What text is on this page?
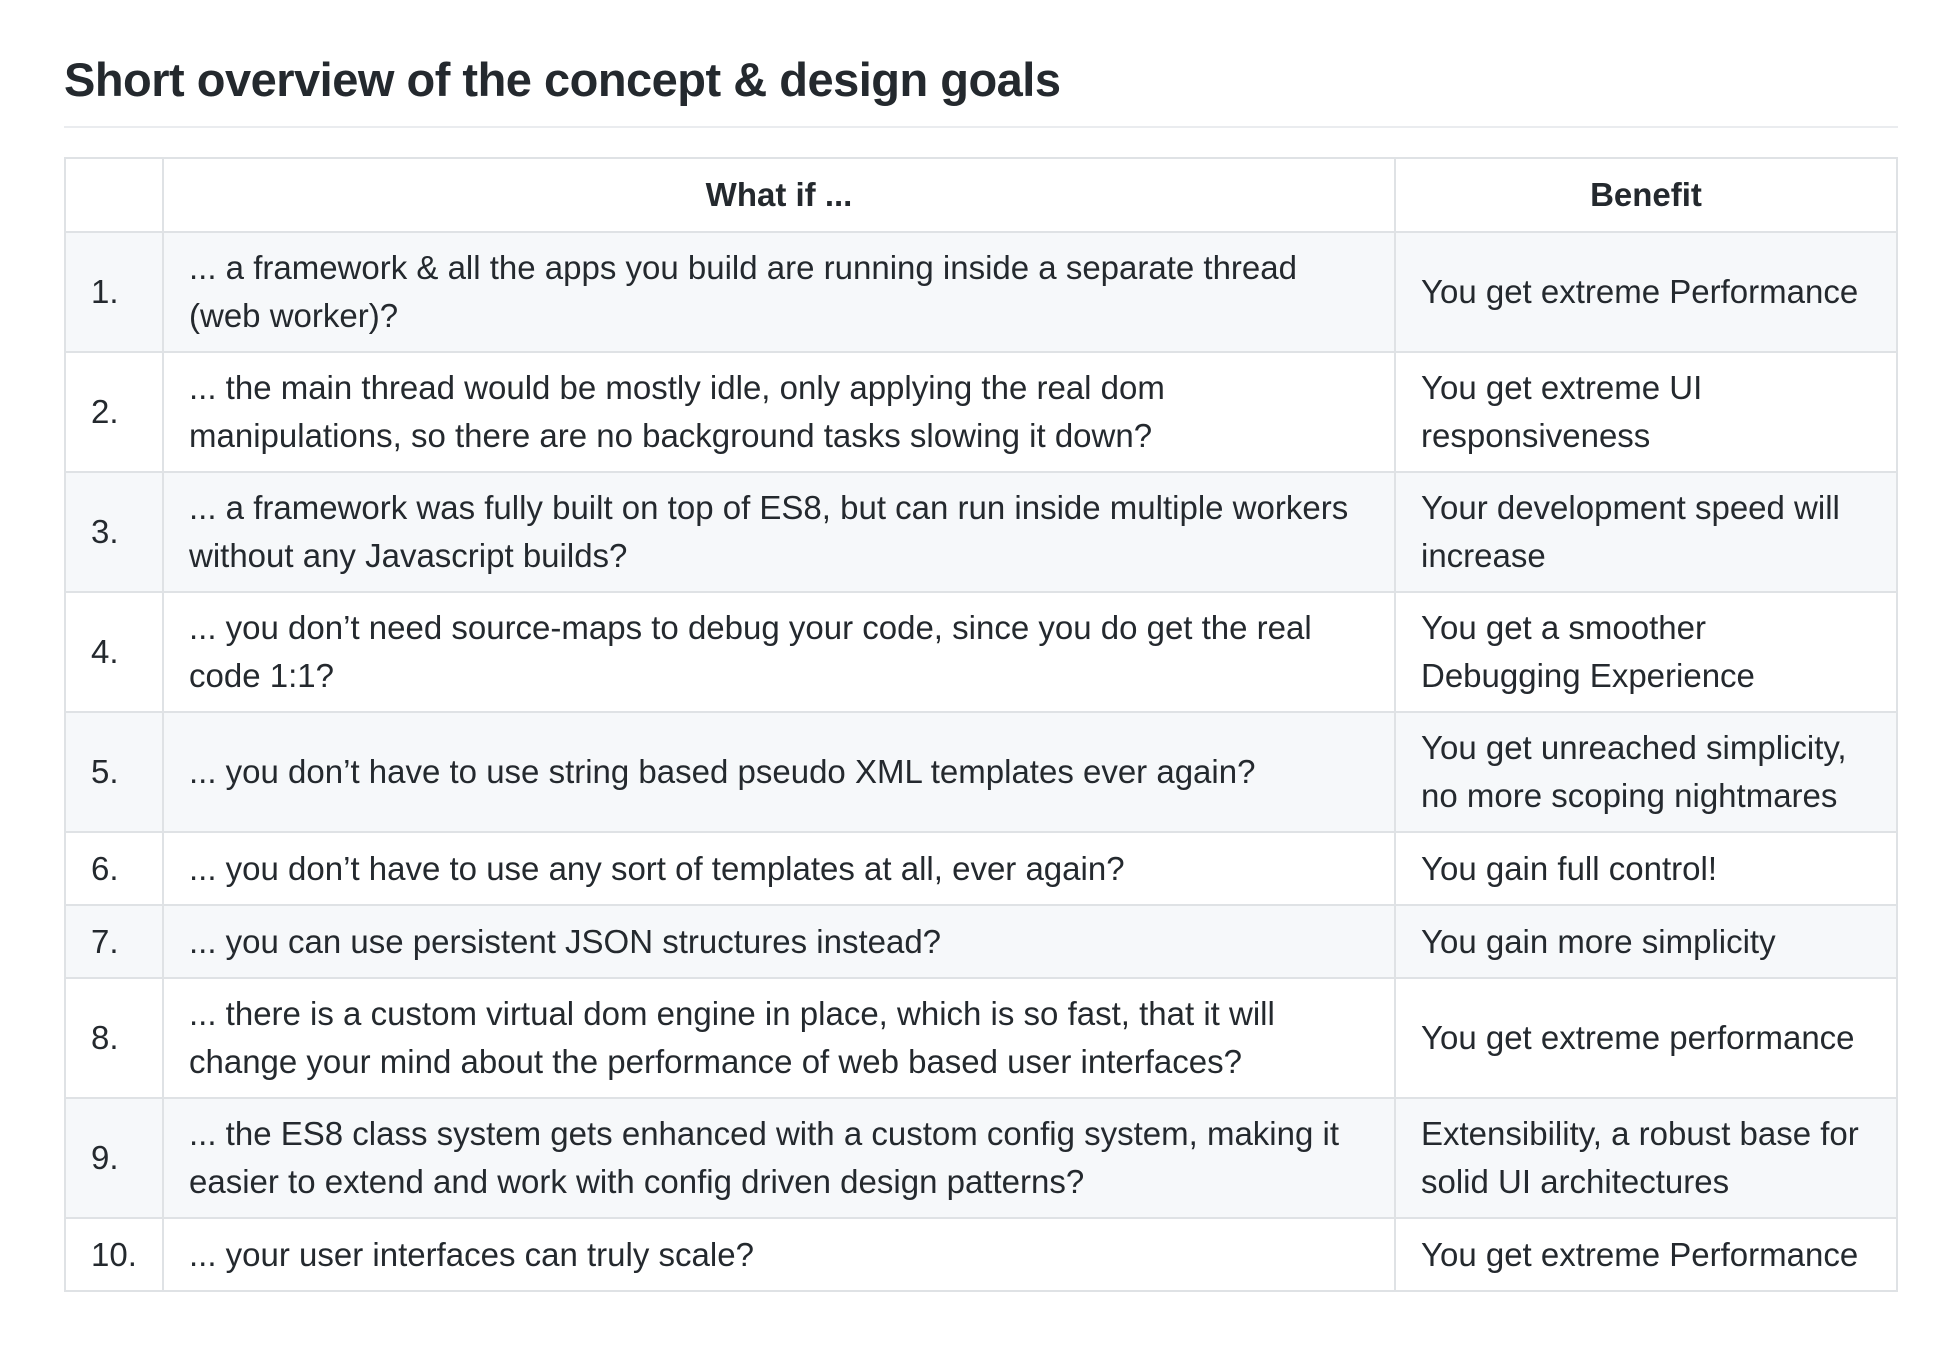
Short overview of the concept & design goals
	What if ...	Benefit
1.	... a framework & all the apps you build are running inside a separate thread (web worker)?	You get extreme Performance
2.	... the main thread would be mostly idle, only applying the real dom manipulations, so there are no background tasks slowing it down?	You get extreme UI responsiveness
3.	... a framework was fully built on top of ES8, but can run inside multiple workers without any Javascript builds?	Your development speed will increase
4.	... you don’t need source-maps to debug your code, since you do get the real code 1:1?	You get a smoother Debugging Experience
5.	... you don’t have to use string based pseudo XML templates ever again?	You get unreached simplicity, no more scoping nightmares
6.	... you don’t have to use any sort of templates at all, ever again?	You gain full control!
7.	... you can use persistent JSON structures instead?	You gain more simplicity
8.	... there is a custom virtual dom engine in place, which is so fast, that it will change your mind about the performance of web based user interfaces?	You get extreme performance
9.	... the ES8 class system gets enhanced with a custom config system, making it easier to extend and work with config driven design patterns?	Extensibility, a robust base for solid UI architectures
10.	... your user interfaces can truly scale?	You get extreme Performance
